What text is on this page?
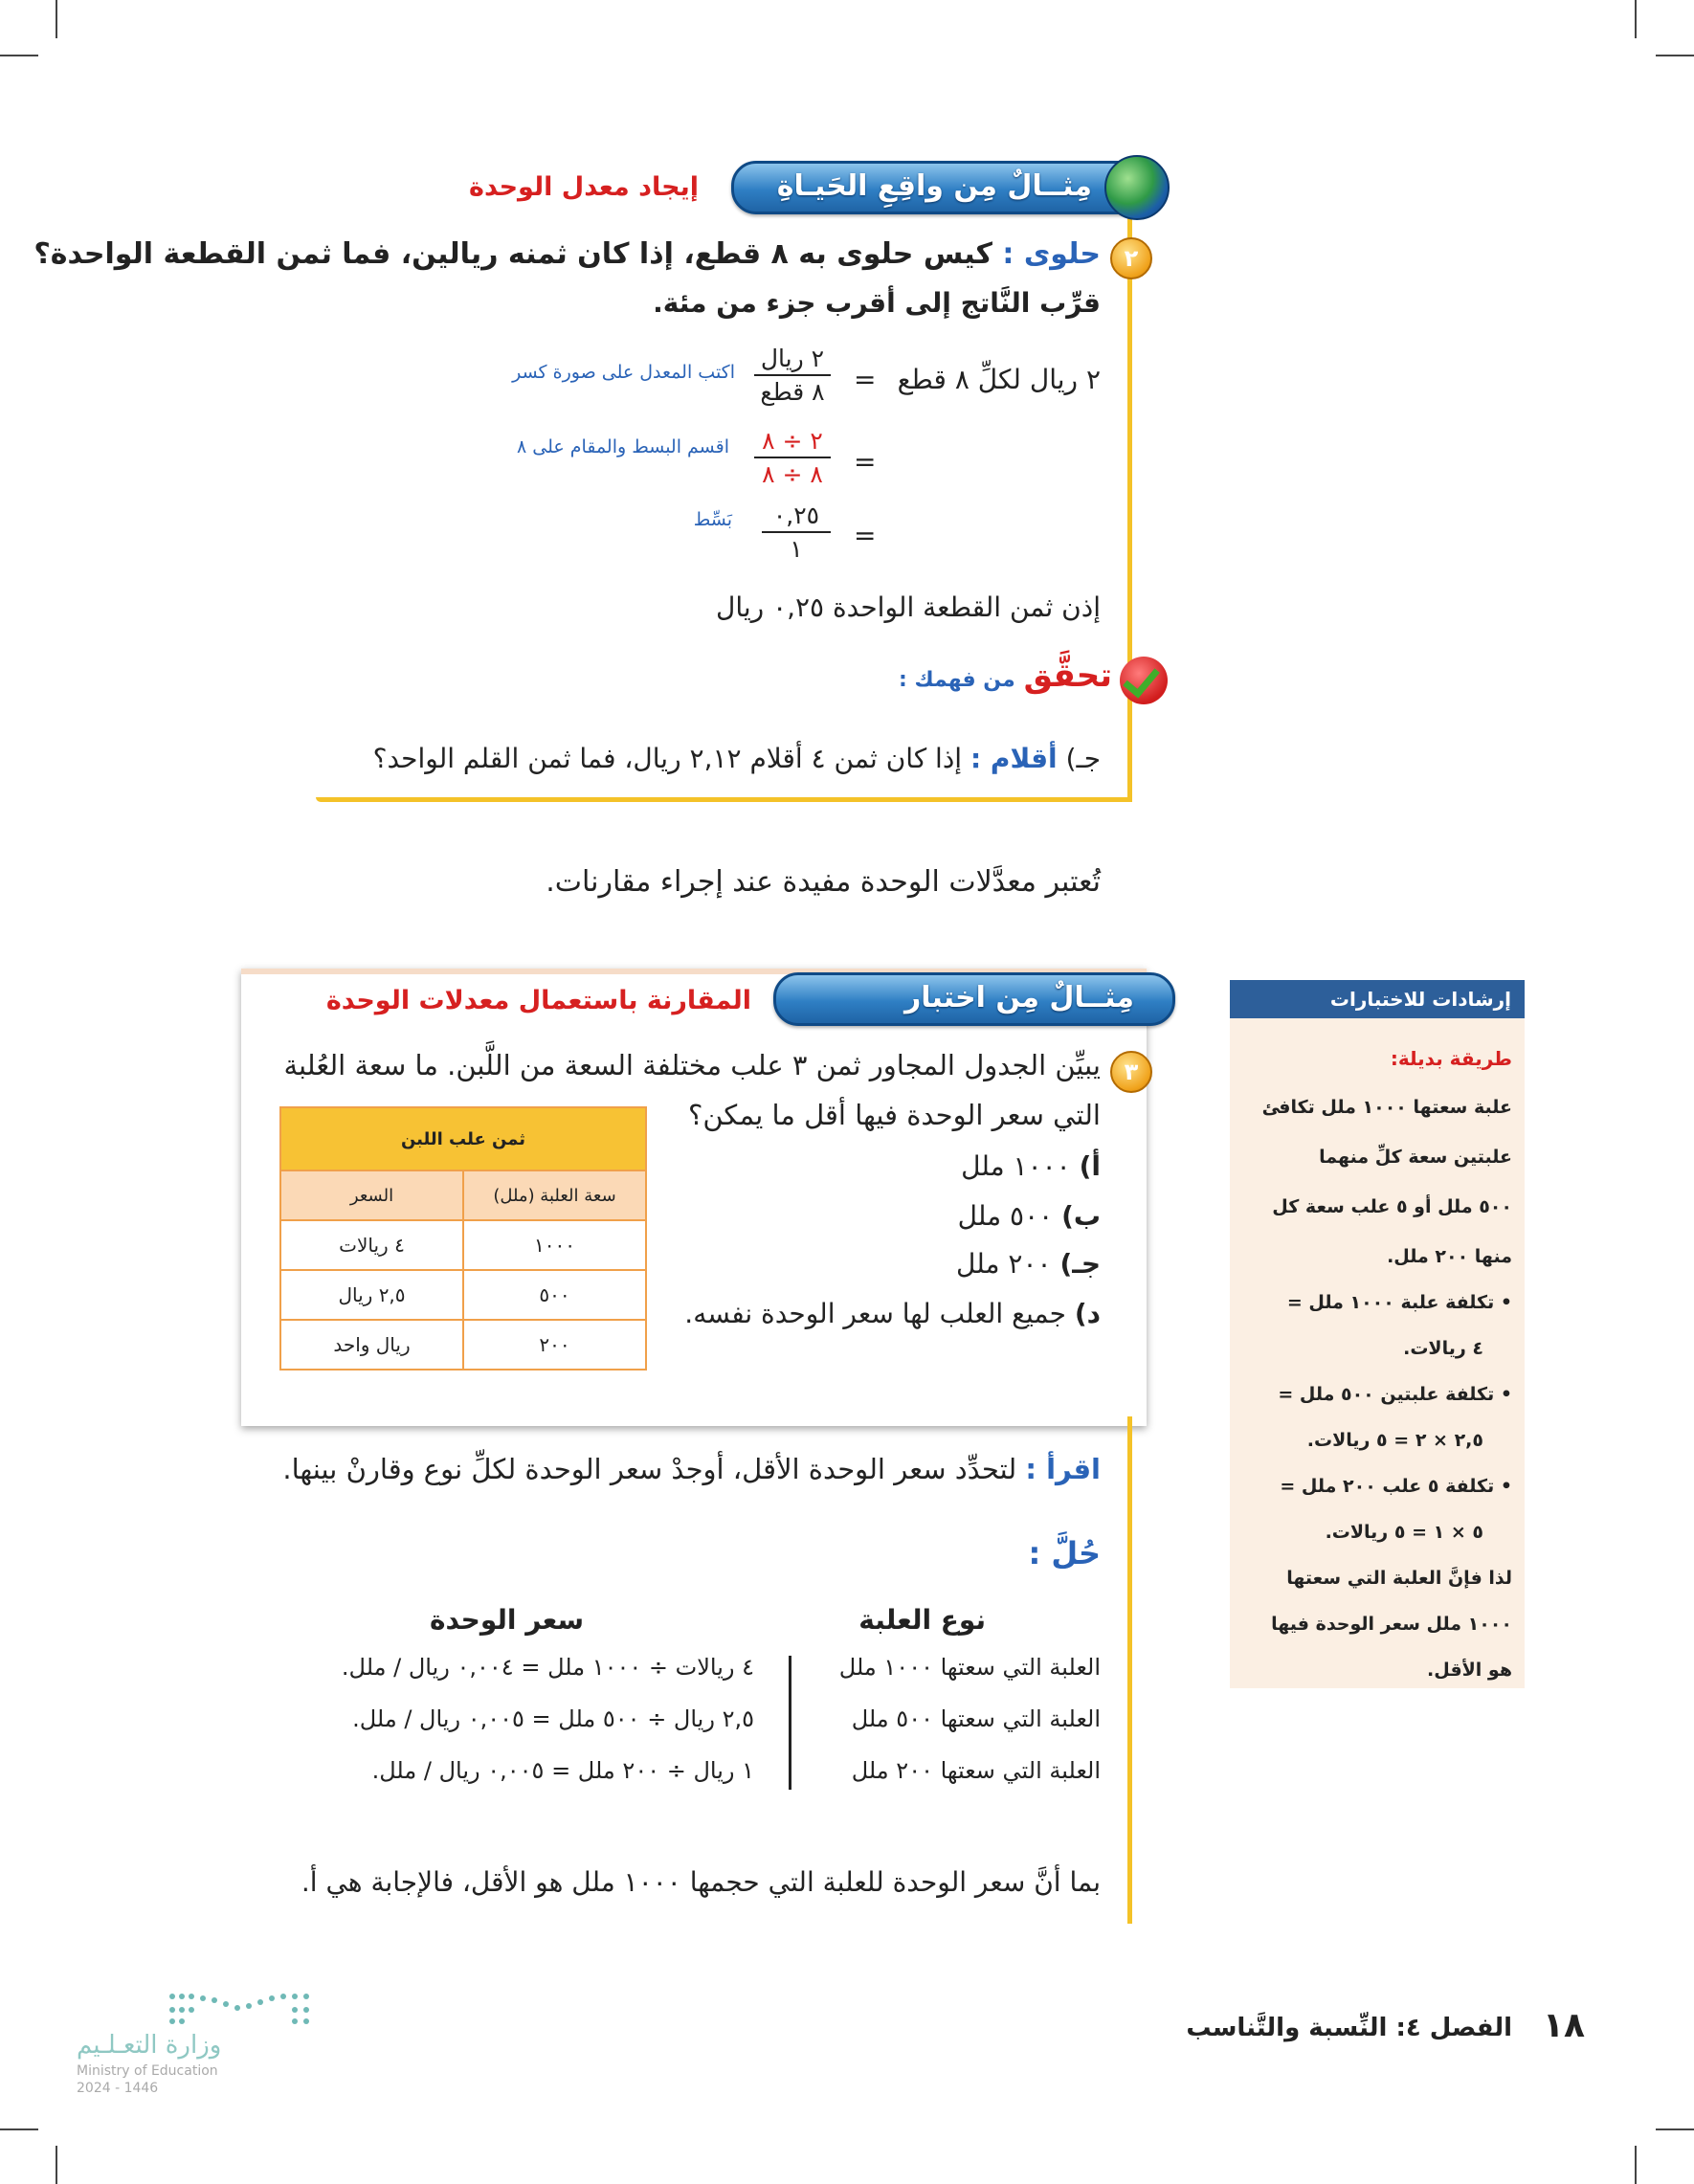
مِثــالٌ مِن واقِعِ الحَيـاةِ
إيجاد معدل الوحدة
٢
حلوى : كيس حلوى به ٨ قطع، إذا كان ثمنه ريالين، فما ثمن القطعة الواحدة؟
قرِّب النَّاتج إلى أقرب جزء من مئة.
٢ ريال لكلِّ ٨ قطع
=
٢ ريال
٨ قطع
اكتب المعدل على صورة كسر
=
٢ ÷ ٨
٨ ÷ ٨
اقسم البسط والمقام على ٨
=
٠,٢٥
١
بَسِّط
إذن ثمن القطعة الواحدة ٠,٢٥ ريال
تحقَّق من فهمك :
جـ) أقلام : إذا كان ثمن ٤ أقلام ٢,١٢ ريال، فما ثمن القلم الواحد؟
تُعتبر معدَّلات الوحدة مفيدة عند إجراء مقارنات.
مِثــالٌ مِن اختبار
المقارنة باستعمال معدلات الوحدة
٣
يبيِّن الجدول المجاور ثمن ٣ علب مختلفة السعة من اللَّبن. ما سعة العُلبة
التي سعر الوحدة فيها أقل ما يمكن؟
أ) ١٠٠٠ ملل
ب) ٥٠٠ ملل
جـ) ٢٠٠ ملل
د) جميع العلب لها سعر الوحدة نفسه.
ثمن علب اللبن	
سعة العلبة (ملل)	السعر
١٠٠٠	٤ ريالات
٥٠٠	٢,٥ ريال
٢٠٠	ريال واحد
اقرأ : لتحدِّد سعر الوحدة الأقل، أوجدْ سعر الوحدة لكلِّ نوع وقارنْ بينها.
حُلَّ :
نوع العلبة
سعر الوحدة
العلبة التي سعتها ١٠٠٠ ملل
٤ ريالات ÷ ١٠٠٠ ملل = ٠,٠٠٤ ريال / ملل.
العلبة التي سعتها ٥٠٠ ملل
٢,٥ ريال ÷ ٥٠٠ ملل = ٠,٠٠٥ ريال / ملل.
العلبة التي سعتها ٢٠٠ ملل
١ ريال ÷ ٢٠٠ ملل = ٠,٠٠٥ ريال / ملل.
بما أنَّ سعر الوحدة للعلبة التي حجمها ١٠٠٠ ملل هو الأقل، فالإجابة هي أ.
إرشادات للاختبارات
طريقة بديلة:
علبة سعتها ١٠٠٠ ملل تكافئ
علبتين سعة كلِّ منهما
٥٠٠ ملل أو ٥ علب سعة كل
منها ٢٠٠ ملل.
• تكلفة علبة ١٠٠٠ ملل =
٤ ريالات.
• تكلفة علبتين ٥٠٠ ملل =
٢,٥ × ٢ = ٥ ريالات.
• تكلفة ٥ علب ٢٠٠ ملل =
٥ × ١ = ٥ ريالات.
لذا فإنَّ العلبة التي سعتها
١٠٠٠ ملل سعر الوحدة فيها
هو الأقل.
١٨
الفصل ٤: النِّسبة والتَّناسب
وزارة التعـلـيم
Ministry of Education
2024 - 1446
